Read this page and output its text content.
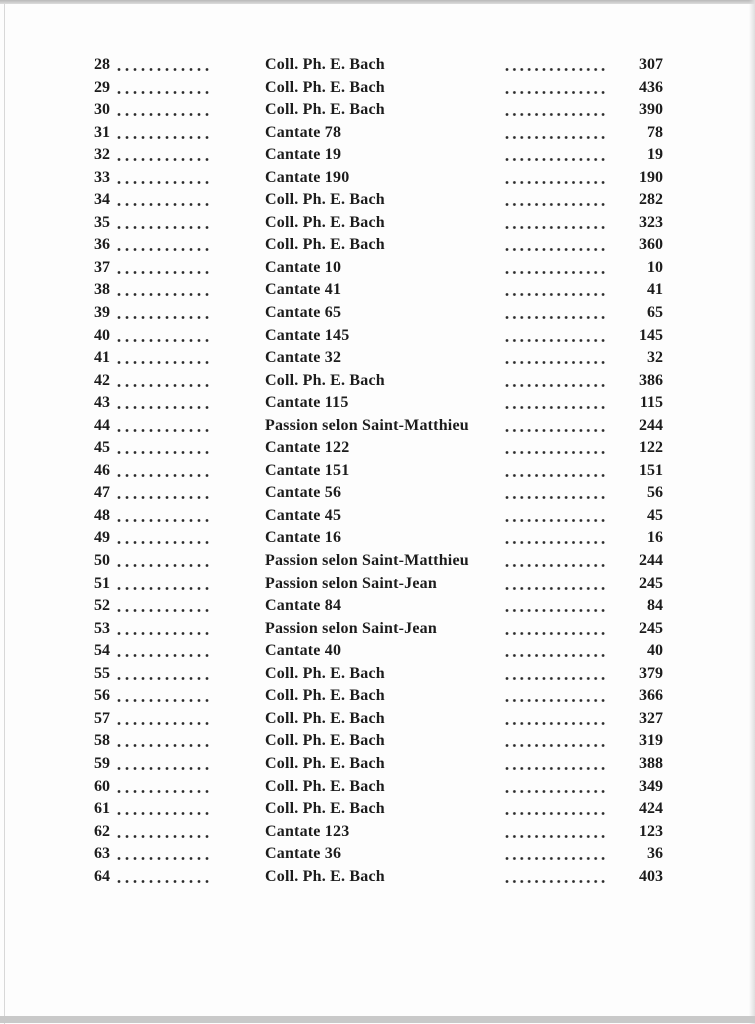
28	Coll. Ph. E. Bach	307
29	Coll. Ph. E. Bach	436
30	Coll. Ph. E. Bach	390
31	Cantate 78	78
32	Cantate 19	19
33	Cantate 190	190
34	Coll. Ph. E. Bach	282
35	Coll. Ph. E. Bach	323
36	Coll. Ph. E. Bach	360
37	Cantate 10	10
38	Cantate 41	41
39	Cantate 65	65
40	Cantate 145	145
41	Cantate 32	32
42	Coll. Ph. E. Bach	386
43	Cantate 115	115
44	Passion selon Saint-Matthieu	244
45	Cantate 122	122
46	Cantate 151	151
47	Cantate 56	56
48	Cantate 45	45
49	Cantate 16	16
50	Passion selon Saint-Matthieu	244
51	Passion selon Saint-Jean	245
52	Cantate 84	84
53	Passion selon Saint-Jean	245
54	Cantate 40	40
55	Coll. Ph. E. Bach	379
56	Coll. Ph. E. Bach	366
57	Coll. Ph. E. Bach	327
58	Coll. Ph. E. Bach	319
59	Coll. Ph. E. Bach	388
60	Coll. Ph. E. Bach	349
61	Coll. Ph. E. Bach	424
62	Cantate 123	123
63	Cantate 36	36
64	Coll. Ph. E. Bach	403
